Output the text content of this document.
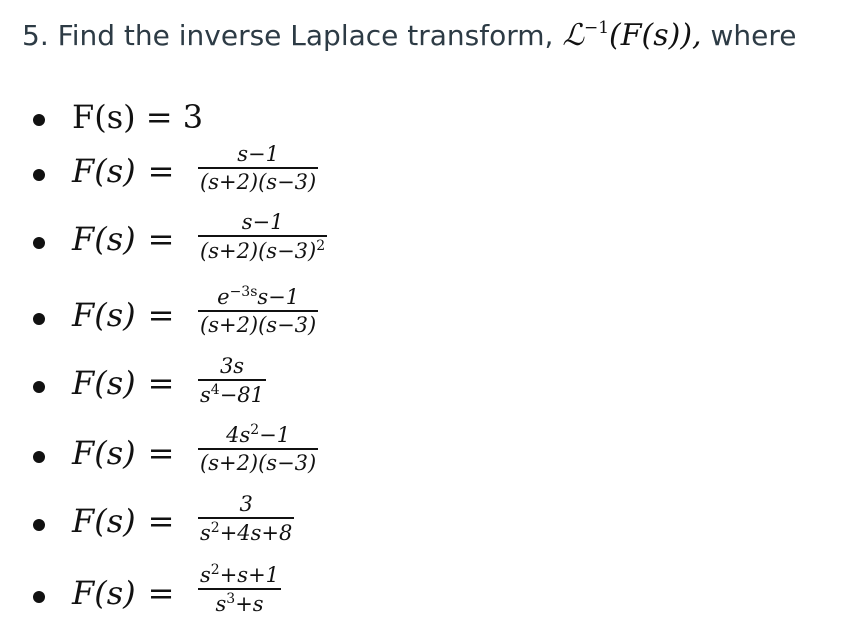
5. Find the inverse Laplace transform, ℒ$^{-1}$(F(s)), where
F(s) = 3
F(s) =	s−1
(s+2)(s−3)
F(s) =	s−1
$(s+2)(s-3)^2$
$F(s) = e^{-3s}s-1$
(s+2)(s−3)
F(s) = 3s
$s^4-81$
$F(s) = 4s^2-1$
(s+2)(s−3)
F(s) =	3
$s^2+4s+8$
$F(s) = s^2+s+1$
$s^3+s$
